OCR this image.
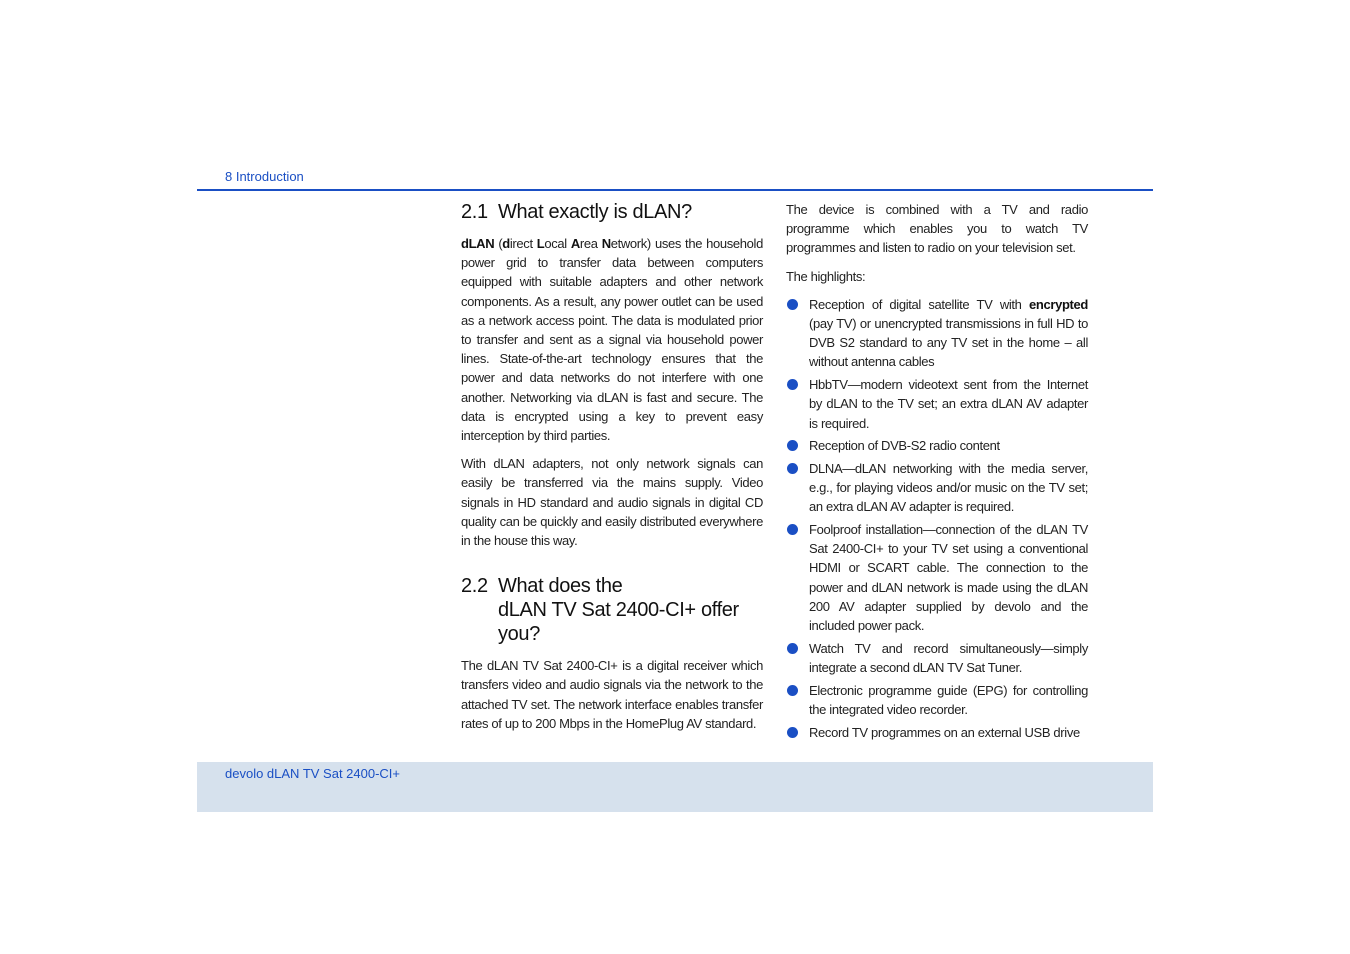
8 Introduction
2.1 What exactly is dLAN?

dLAN (direct Local Area Network) uses the household power grid to transfer data between computers equipped with suitable adapters and other network components. As a result, any power outlet can be used as a network access point. The data is modulated prior to transfer and sent as a signal via household power lines. State-of-the-art technology ensures that the power and data networks do not interfere with one another. Networking via dLAN is fast and secure. The data is encrypted using a key to prevent easy interception by third parties.

With dLAN adapters, not only network signals can easily be transferred via the mains supply. Video signals in HD standard and audio signals in digital CD quality can be quickly and easily distributed everywhere in the house this way.

2.2 What does the
dLAN TV Sat 2400-CI+ offer
you?

The dLAN TV Sat 2400-CI+ is a digital receiver which transfers video and audio signals via the network to the attached TV set. The network interface enables transfer rates of up to 200 Mbps in the HomePlug AV standard.

The device is combined with a TV and radio programme which enables you to watch TV programmes and listen to radio on your television set.

The highlights:

Reception of digital satellite TV with encrypted (pay TV) or unencrypted transmissions in full HD to DVB S2 standard to any TV set in the home – all without antenna cables
HbbTV—modern videotext sent from the Internet by dLAN to the TV set; an extra dLAN AV adapter is required.
Reception of DVB-S2 radio content
DLNA—dLAN networking with the media server, e.g., for playing videos and/or music on the TV set; an extra dLAN AV adapter is required.
Foolproof installation—connection of the dLAN TV Sat 2400-CI+ to your TV set using a conventional HDMI or SCART cable. The connection to the power and dLAN network is made using the dLAN 200 AV adapter supplied by devolo and the included power pack.
Watch TV and record simultaneously—simply integrate a second dLAN TV Sat Tuner.
Electronic programme guide (EPG) for controlling the integrated video recorder.
Record TV programmes on an external USB drive
devolo dLAN TV Sat 2400-CI+
